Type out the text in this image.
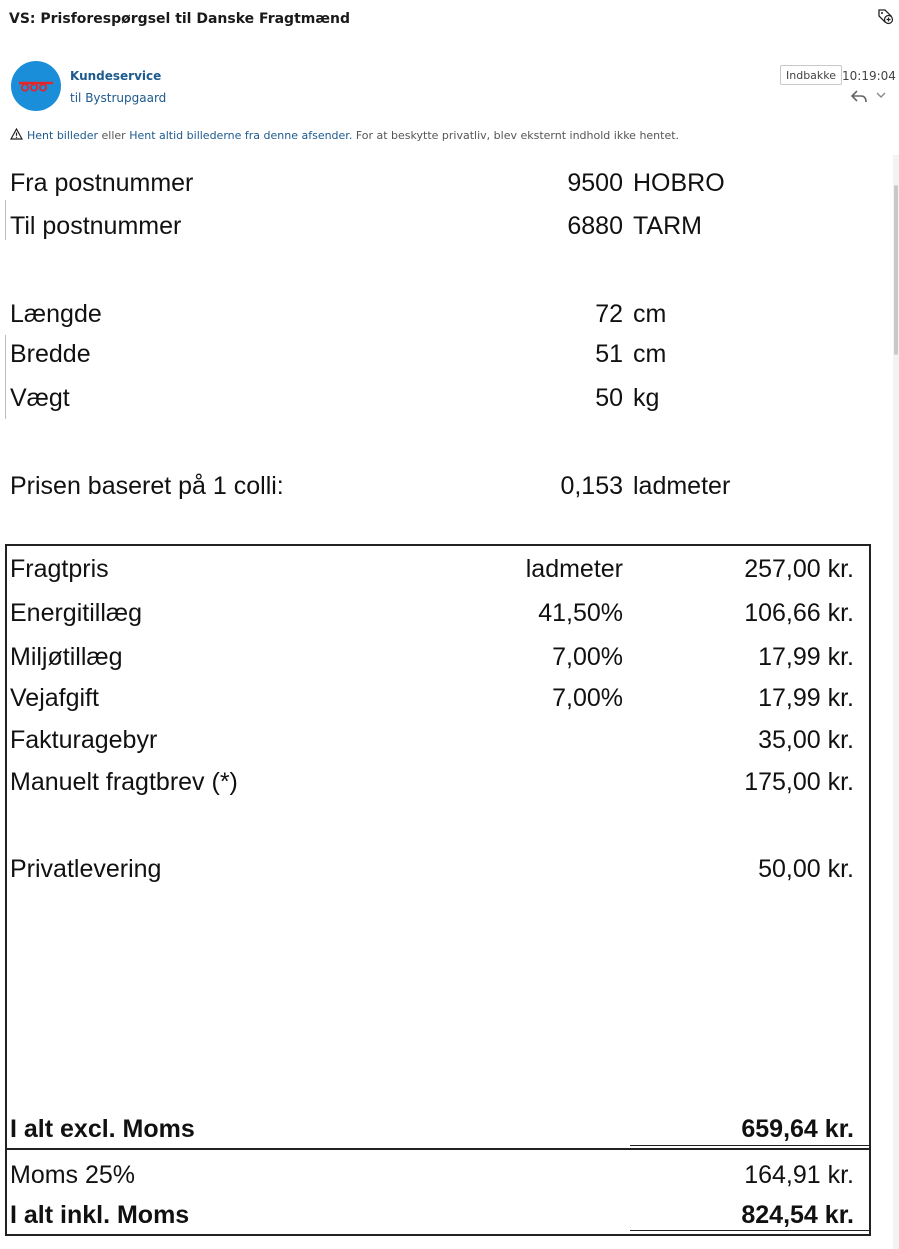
VS: Prisforespørgsel til Danske Fragtmænd
Kundeservice
til Bystrupgaard
Indbakke 10:19:04
Hent billeder eller Hent altid billederne fra denne afsender. For at beskytte privatliv, blev eksternt indhold ikke hentet.
Fra postnummer	9500 HOBRO
Til postnummer	6880 TARM
Længde	72 cm
Bredde	51 cm
Vægt	50 kg
Prisen baseret på 1 colli:	0,153 ladmeter
Fragtpris	ladmeter	257,00 kr.
Energitillæg	41,50%	106,66 kr.
Miljøtillæg	7,00%	17,99 kr.
Vejafgift	7,00%	17,99 kr.
Fakturagebyr	35,00 kr.
Manuelt fragtbrev (*)	175,00 kr.
Privatlevering	50,00 kr.
I alt excl. Moms	659,64 kr.
Moms 25%	164,91 kr.
I alt inkl. Moms	824,54 kr.
